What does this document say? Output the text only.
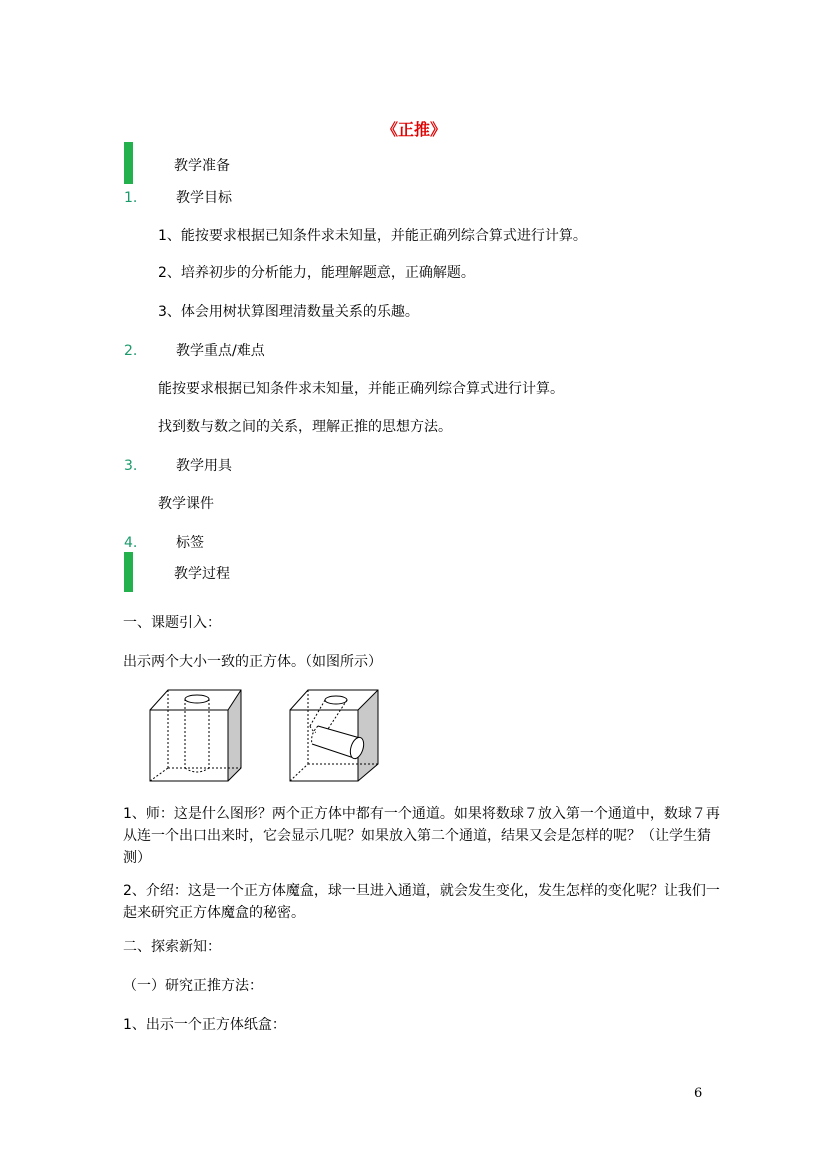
《正推》
教学准备
1.	教学目标
1、能按要求根据已知条件求未知量，并能正确列综合算式进行计算。
2、培养初步的分析能力，能理解题意，正确解题。
3、体会用树状算图理清数量关系的乐趣。
2.	教学重点/难点
能按要求根据已知条件求未知量，并能正确列综合算式进行计算。
找到数与数之间的关系，理解正推的思想方法。
3.	教学用具
教学课件
4.	标签
教学过程
一、课题引入：
出示两个大小一致的正方体。（如图所示）
1、师：这是什么图形？两个正方体中都有一个通道。如果将数球７放入第一个通道中，数球７再从连一个出口出来时，它会显示几呢？如果放入第二个通道，结果又会是怎样的呢？（让学生猜测）
2、介绍：这是一个正方体魔盒，球一旦进入通道，就会发生变化，发生怎样的变化呢？让我们一起来研究正方体魔盒的秘密。
二、探索新知：
（一）研究正推方法：
1、出示一个正方体纸盒：
6
